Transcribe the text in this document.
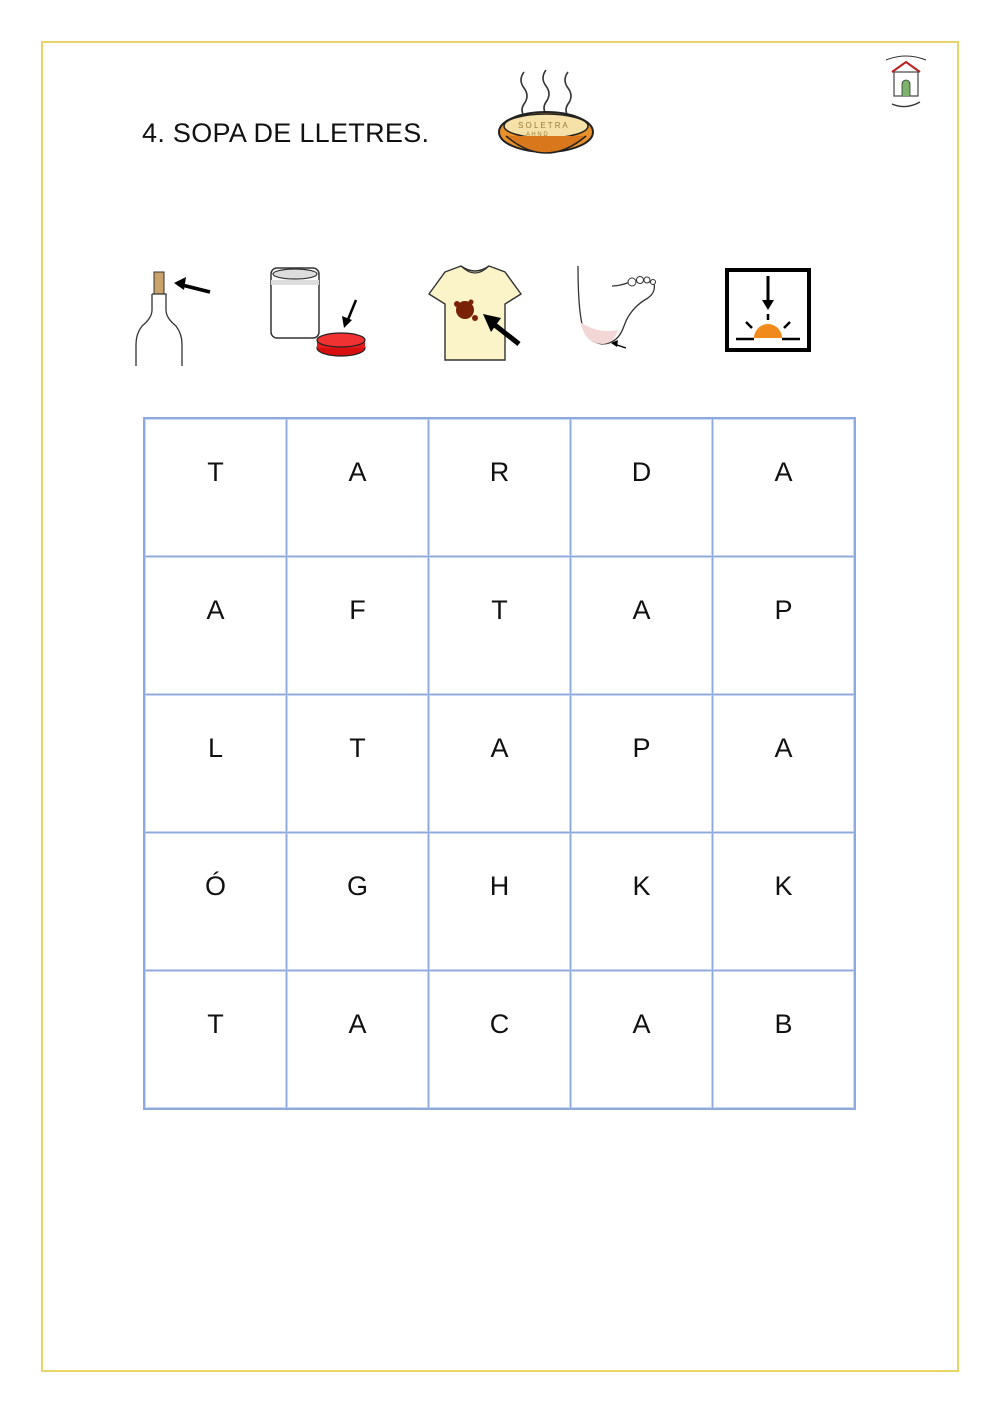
4. SOPA DE LLETRES.	S O L E T R A
A H N D
T	A	R	D	A
A	F	T	A	P
L	T	A	P	A
Ó	G	H	K	K
T	A	C	A	B
